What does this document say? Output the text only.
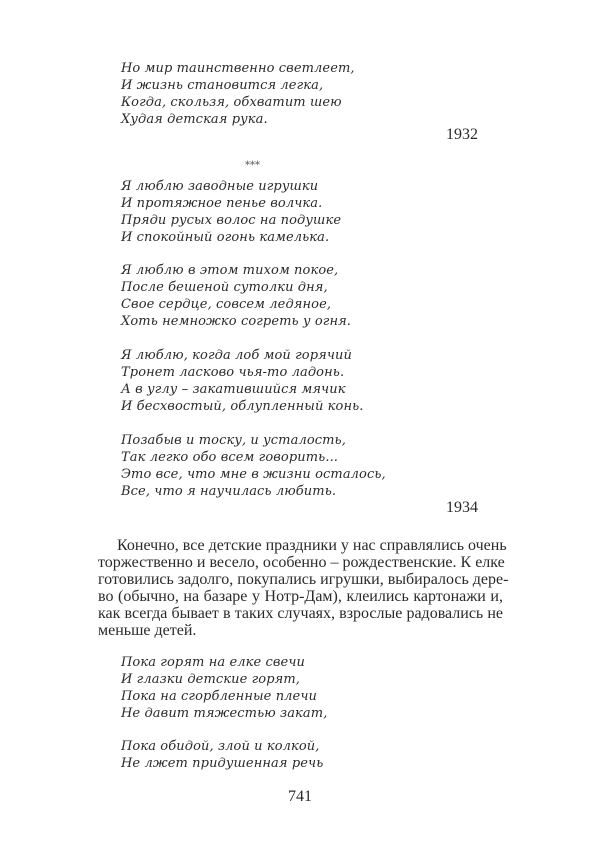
Но мир таинственно светлеет,
И жизнь становится легка,
Когда, скользя, обхватит шею
Худая детская рука.
1932
***
Я люблю заводные игрушки
И протяжное пенье волчка.
Пряди русых волос на подушке
И спокойный огонь камелька.
Я люблю в этом тихом покое,
После бешеной сутолки дня,
Свое сердце, совсем ледяное,
Хоть немножко согреть у огня.
Я люблю, когда лоб мой горячий
Тронет ласково чья-то ладонь.
А в углу – закатившийся мячик
И бесхвостый, облупленный конь.
Позабыв и тоску, и усталость,
Так легко обо всем говорить...
Это все, что мне в жизни осталось,
Все, что я научилась любить.
1934
Конечно, все детские праздники у нас справлялись очень
торжественно и весело, особенно – рождественские. К елке
готовились задолго, покупались игрушки, выбиралось дере-
во (обычно, на базаре у Нотр-Дам), клеились картонажи и,
как всегда бывает в таких случаях, взрослые радовались не
меньше детей.
Пока горят на елке свечи
И глазки детские горят,
Пока на сгорбленные плечи
Не давит тяжестью закат,
Пока обидой, злой и колкой,
Не лжет придушенная речь
741
